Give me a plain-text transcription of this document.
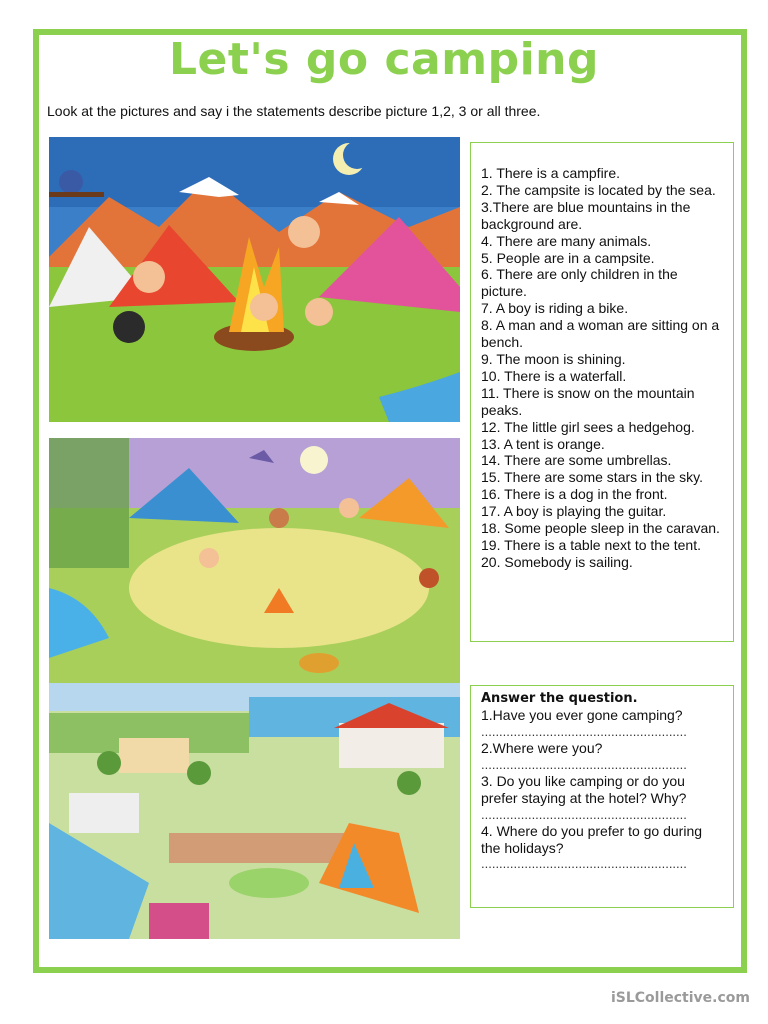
Let's go camping
Look at the pictures and say i the statements describe picture 1,2, 3 or all three.

1. There is a campfire.

2. The campsite is located by the sea.

3.There are blue mountains in the background are.

4. There are many animals.

5. People are in a campsite.

6. There are only children in the picture.

7. A boy is riding a bike.

8. A man and a woman are sitting on a bench.

9. The moon is shining.

10. There is a waterfall.

11. There is snow on the mountain peaks.

12. The little girl sees a hedgehog.

13. A tent is orange.

14. There are some umbrellas.

15. There are some stars in the sky.

16. There is a dog in the front.

17. A boy is playing the guitar.

18. Some people sleep in the caravan.

19. There is a table next to the tent.

20. Somebody is sailing.

Answer the question.

1.Have you ever gone camping?

.........................................................

2.Where were you?

.........................................................

3. Do you like camping or do you prefer staying at the hotel? Why?

.........................................................

4. Where do you prefer to go during the holidays?

.........................................................
iSLCollective.com
